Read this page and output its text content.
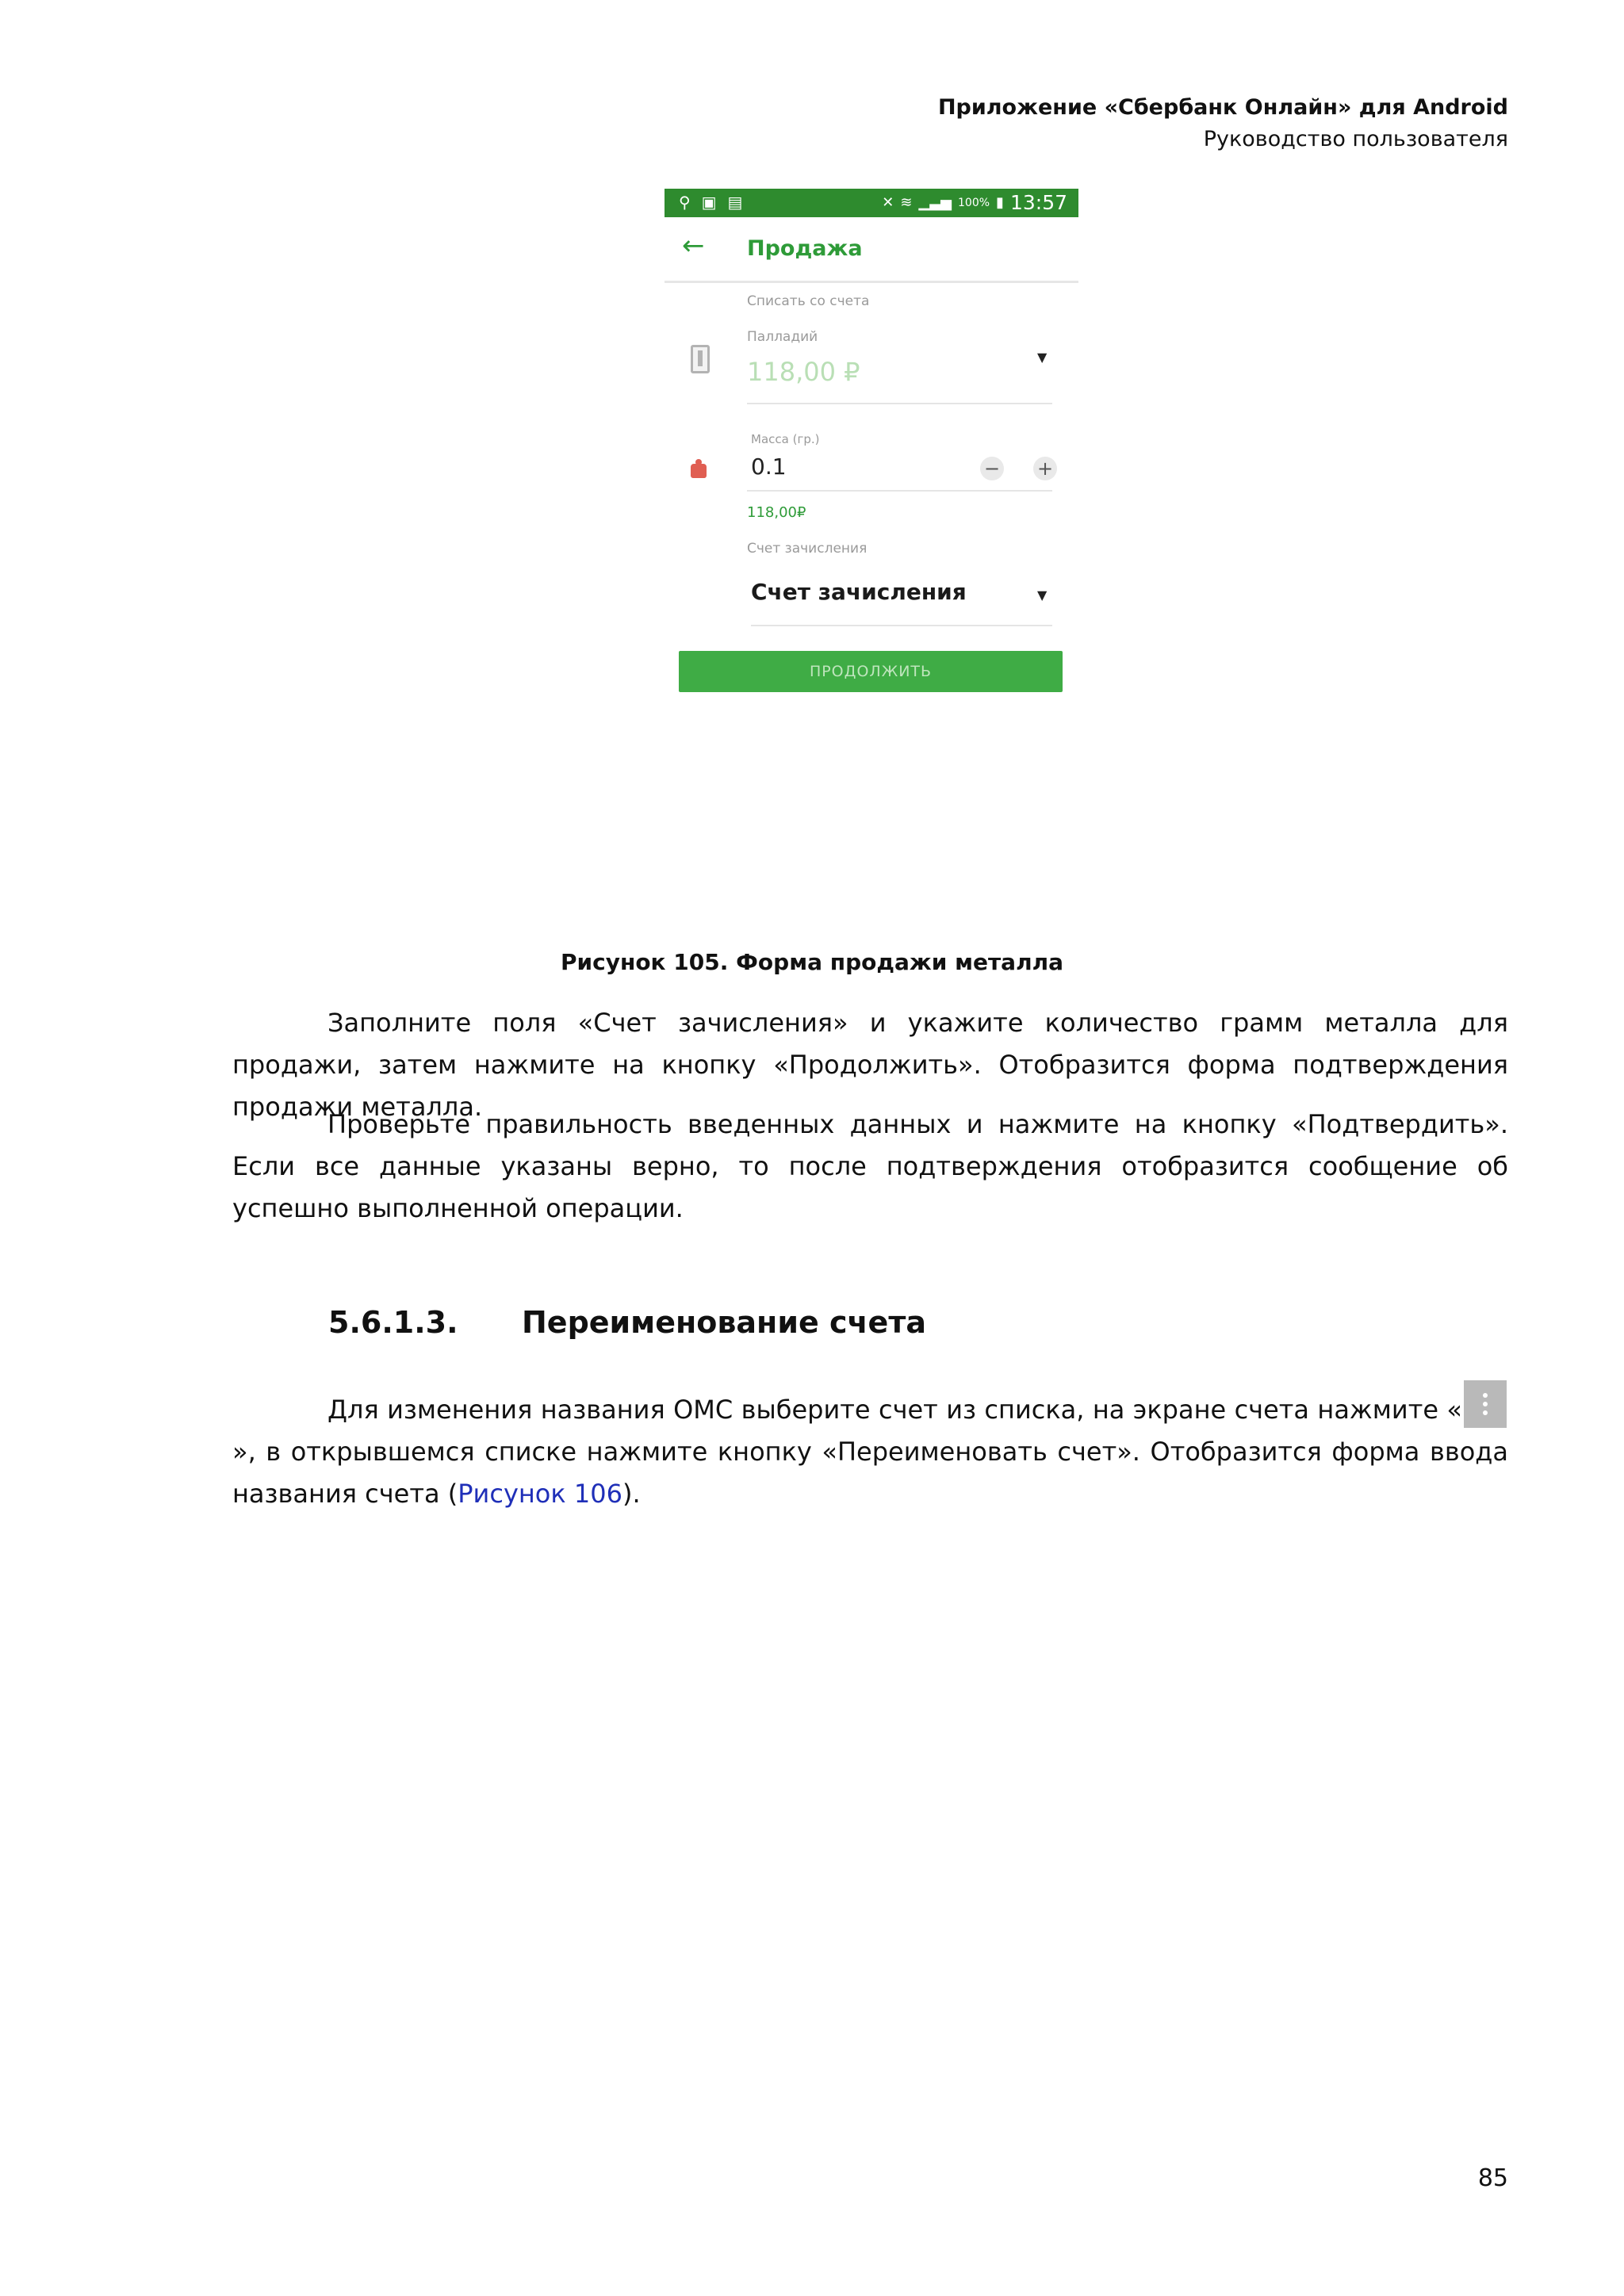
Приложение «Сбербанк Онлайн» для Android
Руководство пользователя
⚲▣▤	✕ ≋ ▁▃▅ 100% ▮ 13:57
← Продажа
Списать со счета
Палладий
118,00 ₽	▼
Масса (гр.)
0.1	− +
118,00₽
Счет зачисления
Счет зачисления	▼
ПРОДОЛЖИТЬ
Рисунок 105. Форма продажи металла

Заполните поля «Счет зачисления» и укажите количество грамм металла для продажи, затем нажмите на кнопку «Продолжить». Отобразится форма подтверждения продажи металла.

Проверьте правильность введенных данных и нажмите на кнопку «Подтвердить». Если все данные указаны верно, то после подтверждения отобразится сообщение об успешно выполненной операции.

5.6.1.3. Переименование счета

Для изменения названия ОМС выберите счет из списка, на экране счета нажмите «
», в открывшемся списке нажмите кнопку «Переименовать счет». Отобразится форма ввода названия счета (Рисунок 106).

85
